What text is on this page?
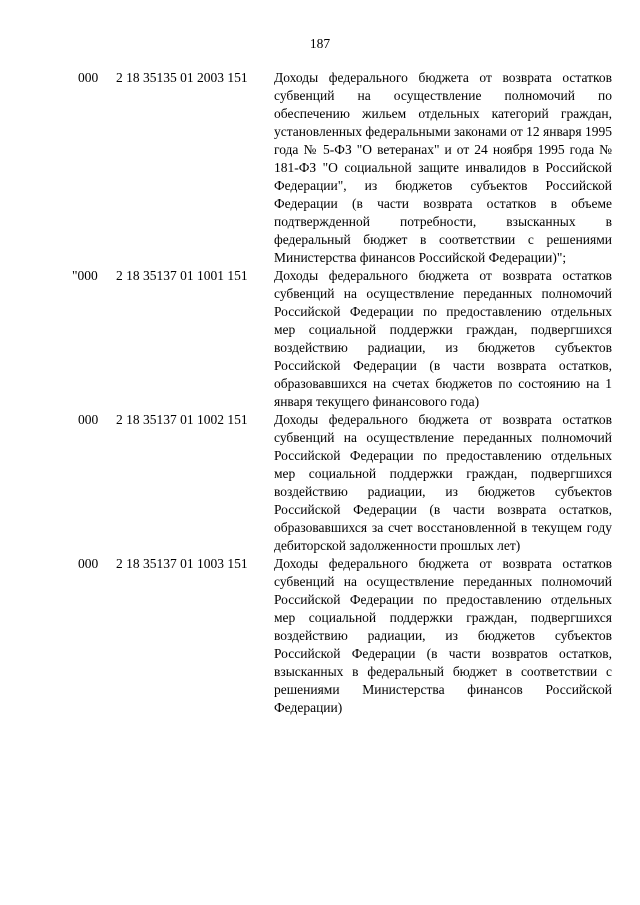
187
000	2 18 35135 01 2003 151	Доходы федерального бюджета от возврата остатков субвенций на осуществление полномочий по обеспечению жильем отдельных категорий граждан, установленных федеральными законами от 12 января 1995 года № 5-ФЗ "О ветеранах" и от 24 ноября 1995 года № 181-ФЗ "О социальной защите инвалидов в Российской Федерации", из бюджетов субъектов Российской Федерации (в части возврата остатков в объеме подтвержденной потребности, взысканных в федеральный бюджет в соответствии с решениями Министерства финансов Российской Федерации)";
"000	2 18 35137 01 1001 151	Доходы федерального бюджета от возврата остатков субвенций на осуществление переданных полномочий Российской Федерации по предоставлению отдельных мер социальной поддержки граждан, подвергшихся воздействию радиации, из бюджетов субъектов Российской Федерации (в части возврата остатков, образовавшихся на счетах бюджетов по состоянию на 1 января текущего финансового года)
000	2 18 35137 01 1002 151	Доходы федерального бюджета от возврата остатков субвенций на осуществление переданных полномочий Российской Федерации по предоставлению отдельных мер социальной поддержки граждан, подвергшихся воздействию радиации, из бюджетов субъектов Российской Федерации (в части возврата остатков, образовавшихся за счет восстановленной в текущем году дебиторской задолженности прошлых лет)
000	2 18 35137 01 1003 151	Доходы федерального бюджета от возврата остатков субвенций на осуществление переданных полномочий Российской Федерации по предоставлению отдельных мер социальной поддержки граждан, подвергшихся воздействию радиации, из бюджетов субъектов Российской Федерации (в части возвратов остатков, взысканных в федеральный бюджет в соответствии с решениями Министерства финансов Российской Федерации)
